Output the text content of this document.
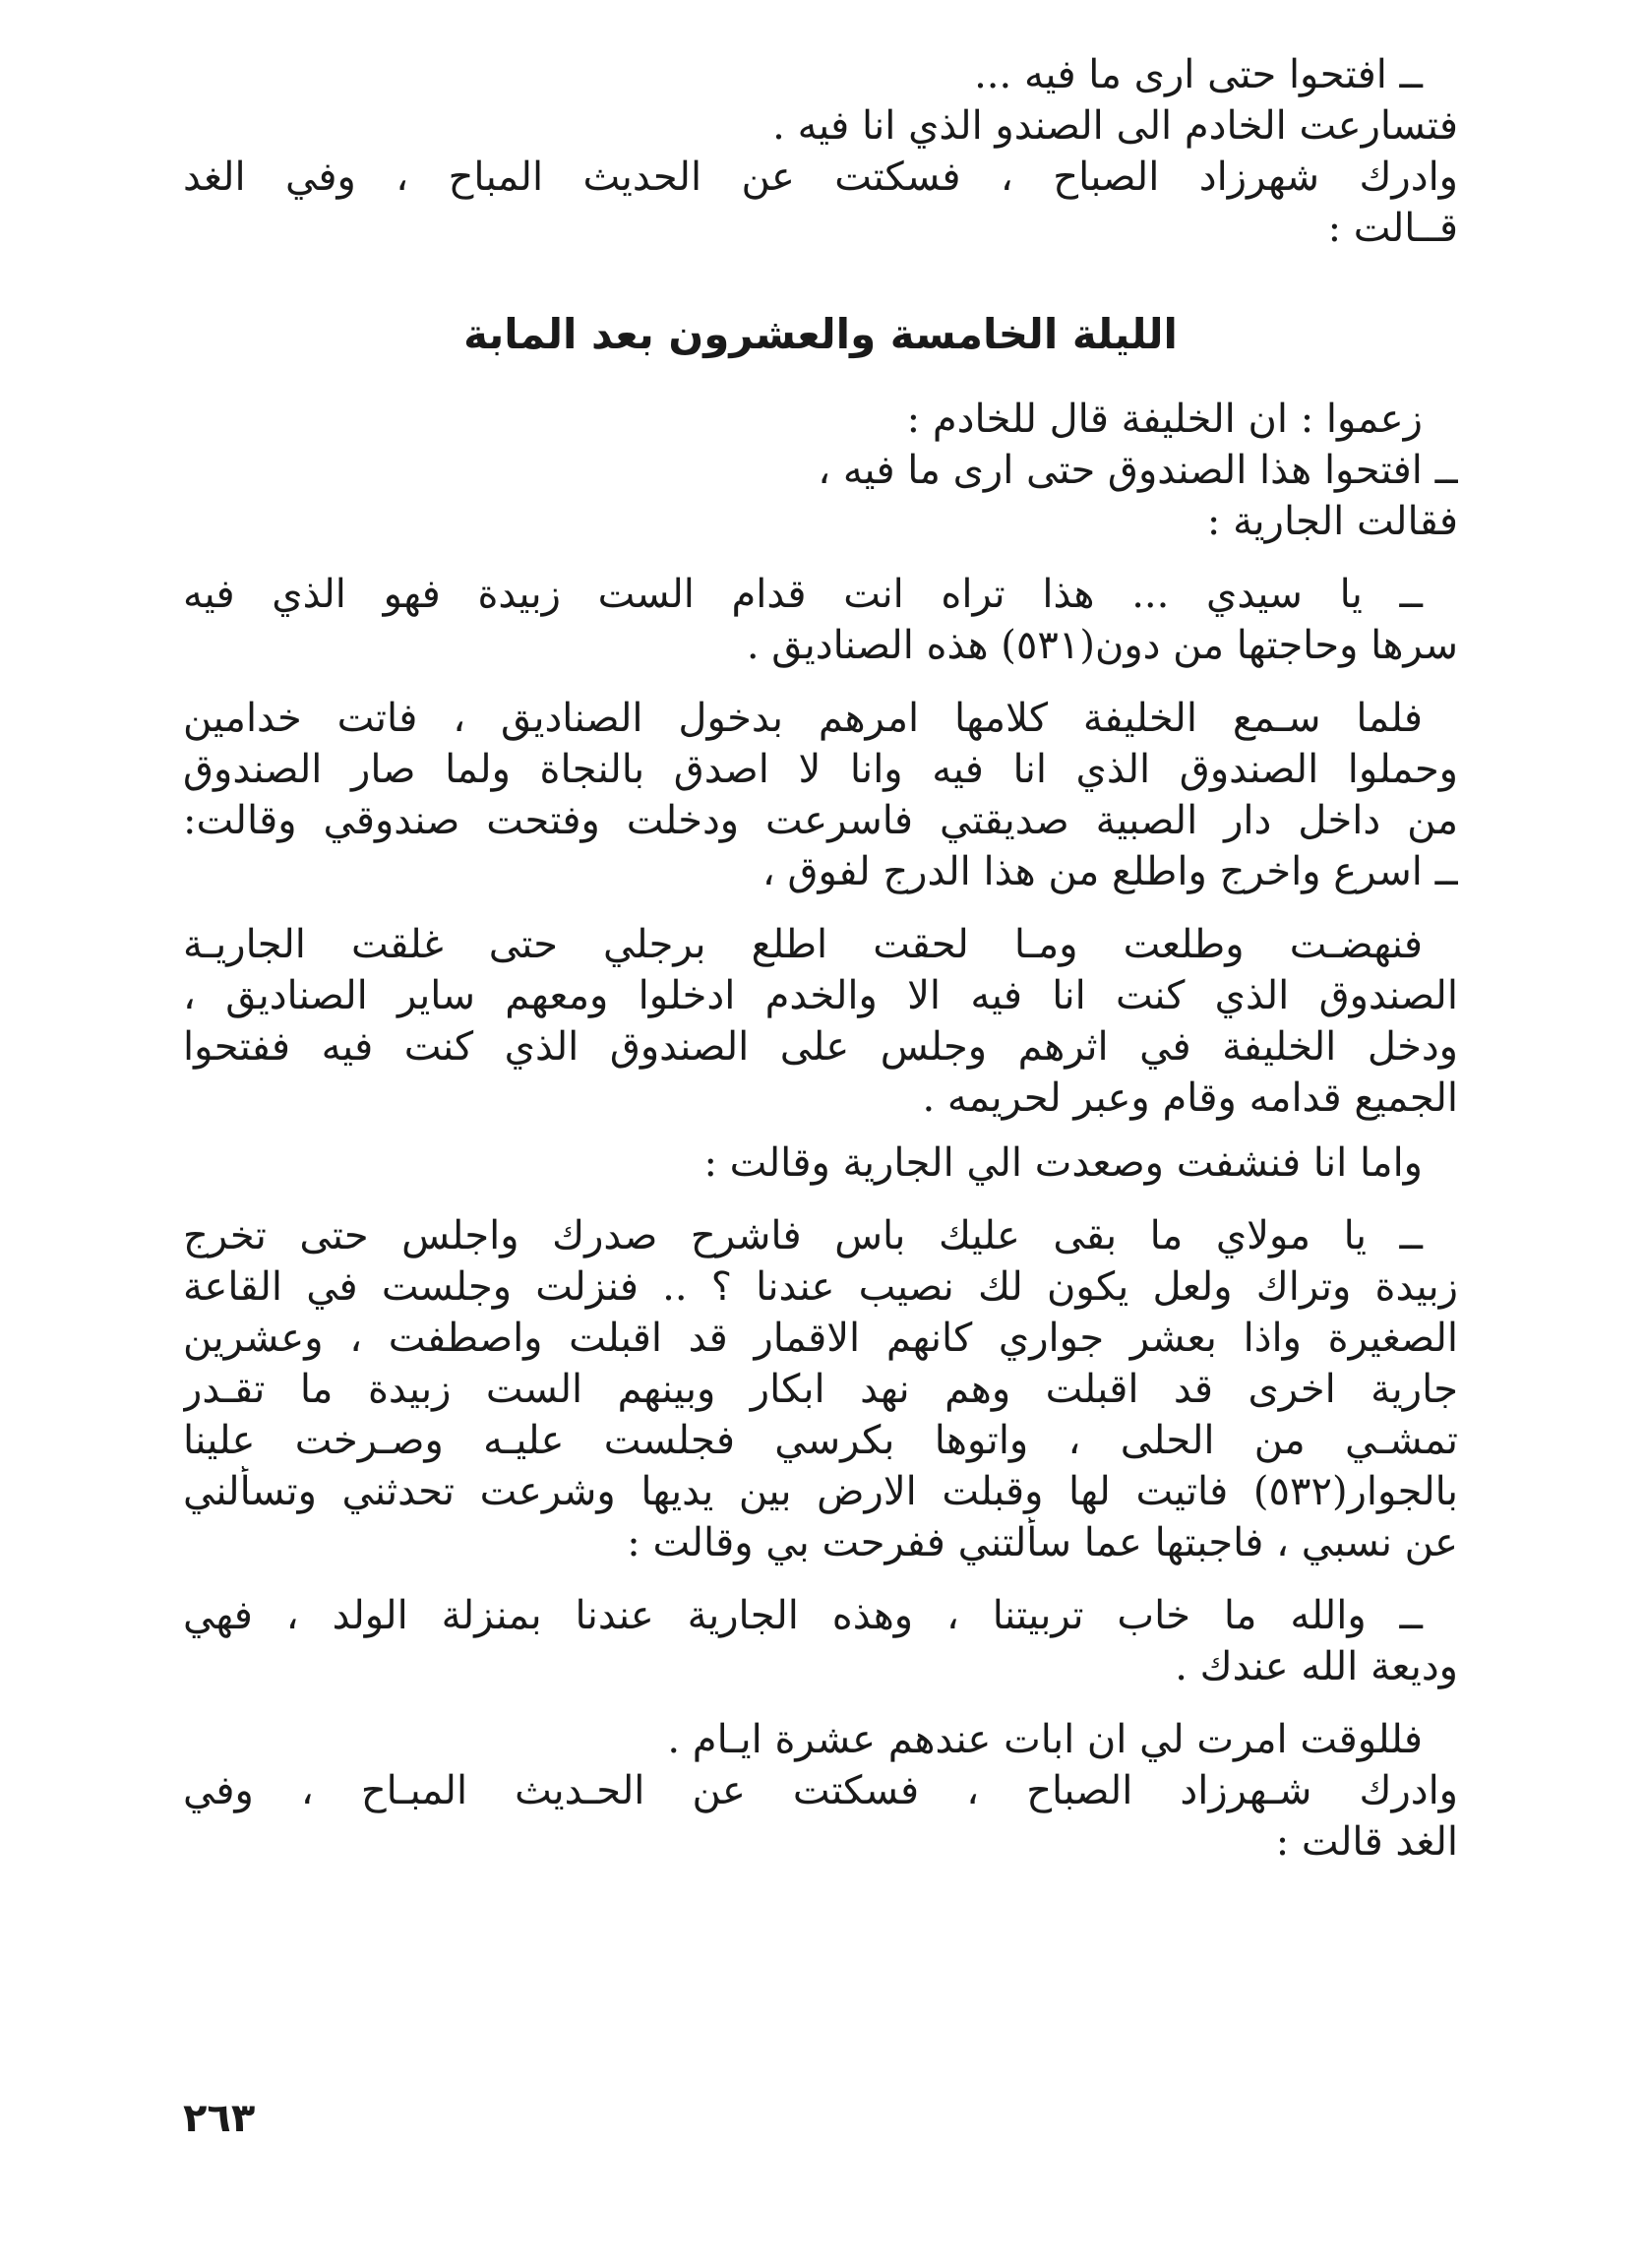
ــ افتحوا حتى ارى ما فيه ...
فتسارعت الخادم الى الصندو الذي انا فيه .
وادرك شهرزاد الصباح ، فسكتت عن الحديث المباح ، وفي الغد
قــالت :
الليلة الخامسة والعشرون بعد المابة
زعموا : ان الخليفة قال للخادم :
ــ افتحوا هذا الصندوق حتى ارى ما فيه ،
فقالت الجارية :
ــ يا سيدي ... هذا تراه انت قدام الست زبيدة فهو الذي فيه
سرها وحاجتها من دون(٥٣١) هذه الصناديق .
فلما سـمع الخليفة كلامها امرهم بدخول الصناديق ، فاتت خدامين
وحملوا الصندوق الذي انا فيه وانا لا اصدق بالنجاة ولما صار الصندوق
من داخل دار الصبية صديقتي فاسرعت ودخلت وفتحت صندوقي وقالت:
ــ اسرع واخرج واطلع من هذا الدرج لفوق ،
فنهضـت وطلعت ومـا لحقت اطلع برجلي حتى غلقت الجاريـة
الصندوق الذي كنت انا فيه الا والخدم ادخلوا ومعهم ساير الصناديق ،
ودخل الخليفة في اثرهم وجلس على الصندوق الذي كنت فيه ففتحوا
الجميع قدامه وقام وعبر لحريمه .
واما انا فنشفت وصعدت الي الجارية وقالت :
ــ يا مولاي ما بقى عليك باس فاشرح صدرك واجلس حتى تخرج
زبيدة وتراك ولعل يكون لك نصيب عندنا ؟ .. فنزلت وجلست في القاعة
الصغيرة واذا بعشر جواري كانهم الاقمار قد اقبلت واصطفت ، وعشرين
جارية اخرى قد اقبلت وهم نهد ابكار وبينهم الست زبيدة ما تقـدر
تمشـي من الحلى ، واتوها بكرسي فجلست عليـه وصـرخت علينا
بالجوار(٥٣٢) فاتيت لها وقبلت الارض بين يديها وشرعت تحدثني وتسألني
عن نسبي ، فاجبتها عما سألتني ففرحت بي وقالت :
ــ والله ما خاب تربيتنا ، وهذه الجارية عندنا بمنزلة الولد ، فهي
وديعة الله عندك .
فللوقت امرت لي ان ابات عندهم عشرة ايـام .
وادرك شـهرزاد الصباح ، فسكتت عن الحـديث المبـاح ، وفي
الغد قالت :
٢٦٣
